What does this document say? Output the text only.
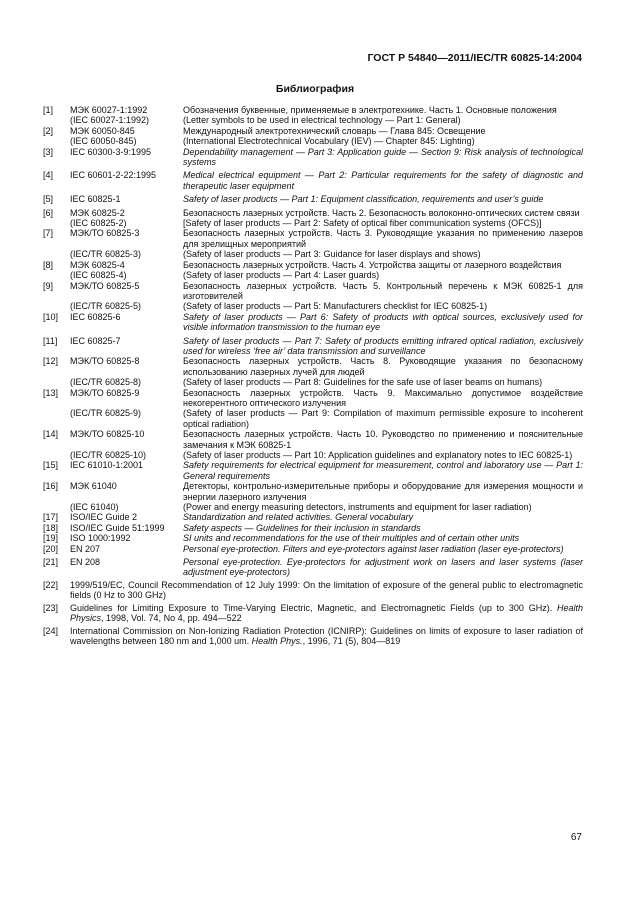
ГОСТ Р 54840—2011/IEC/TR 60825-14:2004
Библиография
[1]	МЭК 60027-1:1992	Обозначения буквенные, применяемые в электротехнике. Часть 1. Основные положения
(IEC 60027-1:1992)	(Letter symbols to be used in electrical technology — Part 1: General)
[2]	МЭК 60050-845	Международный электротехнический словарь — Глава 845: Освещение
(IEC 60050-845)	(International Electrotechnical Vocabulary (IEV) — Chapter 845: Lighting)
[3]	IEC 60300-3-9:1995	Dependability management — Part 3: Application guide — Section 9: Risk analysis of technological systems
[4]	IEC 60601-2-22:1995	Medical electrical equipment — Part 2: Particular requirements for the safety of diagnostic and therapeutic laser equipment
[5]	IEC 60825-1	Safety of laser products — Part 1: Equipment classification, requirements and user’s guide
[6]	МЭК 60825-2	Безопасность лазерных устройств. Часть 2. Безопасность волоконно-оптических систем связи
(IEC 60825-2)	[Safety of laser products — Part 2: Safety of optical fiber communication systems (OFCS)]
[7]	МЭК/ТО 60825-3	Безопасность лазерных устройств. Часть 3. Руководящие указания по применению лазеров для зрелищных мероприятий
(IEC/TR 60825-3)	(Safety of laser products — Part 3: Guidance for laser displays and shows)
[8]	МЭК 60825-4	Безопасность лазерных устройств. Часть 4. Устройства защиты от лазерного воздействия
(IEC 60825-4)	(Safety of laser products — Part 4: Laser guards)
[9]	МЭК/ТО 60825-5	Безопасность лазерных устройств. Часть 5. Контрольный перечень к МЭК 60825-1 для изготовителей
(IEC/TR 60825-5)	(Safety of laser products — Part 5: Manufacturers checklist for IEC 60825-1)
[10]	IEC 60825-6	Safety of laser products — Part 6: Safety of products with optical sources, exclusively used for visible information transmission to the human eye
[11]	IEC 60825-7	Safety of laser products — Part 7: Safety of products emitting infrared optical radiation, exclusively used for wireless ‘free air’ data transmission and surveillance
[12]	МЭК/ТО 60825-8	Безопасность лазерных устройств. Часть 8. Руководящие указания по безопасному использованию лазерных лучей для людей
(IEC/TR 60825-8)	(Safety of laser products — Part 8: Guidelines for the safe use of laser beams on humans)
[13]	МЭК/ТО 60825-9	Безопасность лазерных устройств. Часть 9. Максимально допустимое воздействие некогерентного оптического излучения
(IEC/TR 60825-9)	(Safety of laser products — Part 9: Compilation of maximum permissible exposure to incoherent optical radiation)
[14]	МЭК/ТО 60825-10	Безопасность лазерных устройств. Часть 10. Руководство по применению и пояснительные замечания к МЭК 60825-1
(IEC/TR 60825-10)	(Safety of laser products — Part 10: Application guidelines and explanatory notes to IEC 60825-1)
[15]	IEC 61010-1:2001	Safety requirements for electrical equipment for measurement, control and laboratory use — Part 1: General requirements
[16]	МЭК 61040	Детекторы, контрольно-измерительные приборы и оборудование для измерения мощности и энергии лазерного излучения
(IEC 61040)	(Power and energy measuring detectors, instruments and equipment for laser radiation)
[17]	ISO/IEC Guide 2	Standardization and related activities. General vocabulary
[18]	ISO/IEC Guide 51:1999	Safety aspects — Guidelines for their inclusion in standards
[19]	ISO 1000:1992	SI units and recommendations for the use of their multiples and of certain other units
[20]	EN 207	Personal eye-protection. Filters and eye-protectors against laser radiation (laser eye-protectors)
[21]	EN 208	Personal eye-protection. Eye-protectors for adjustment work on lasers and laser systems (laser adjustment eye-protectors)
[22]	1999/519/EC, Council Recommendation of 12 July 1999: On the limitation of exposure of the general public to electromagnetic fields (0 Hz to 300 GHz)
[23]	Guidelines for Limiting Exposure to Time-Varying Electric, Magnetic, and Electromagnetic Fields (up to 300 GHz). Health Physics, 1998, Vol. 74, No 4, pp. 494—522
[24]	International Commission on Non-Ionizing Radiation Protection (ICNIRP): Guidelines on limits of exposure to laser radiation of wavelengths between 180 nm and 1,000 um. Health Phys., 1996, 71 (5), 804—819
67
